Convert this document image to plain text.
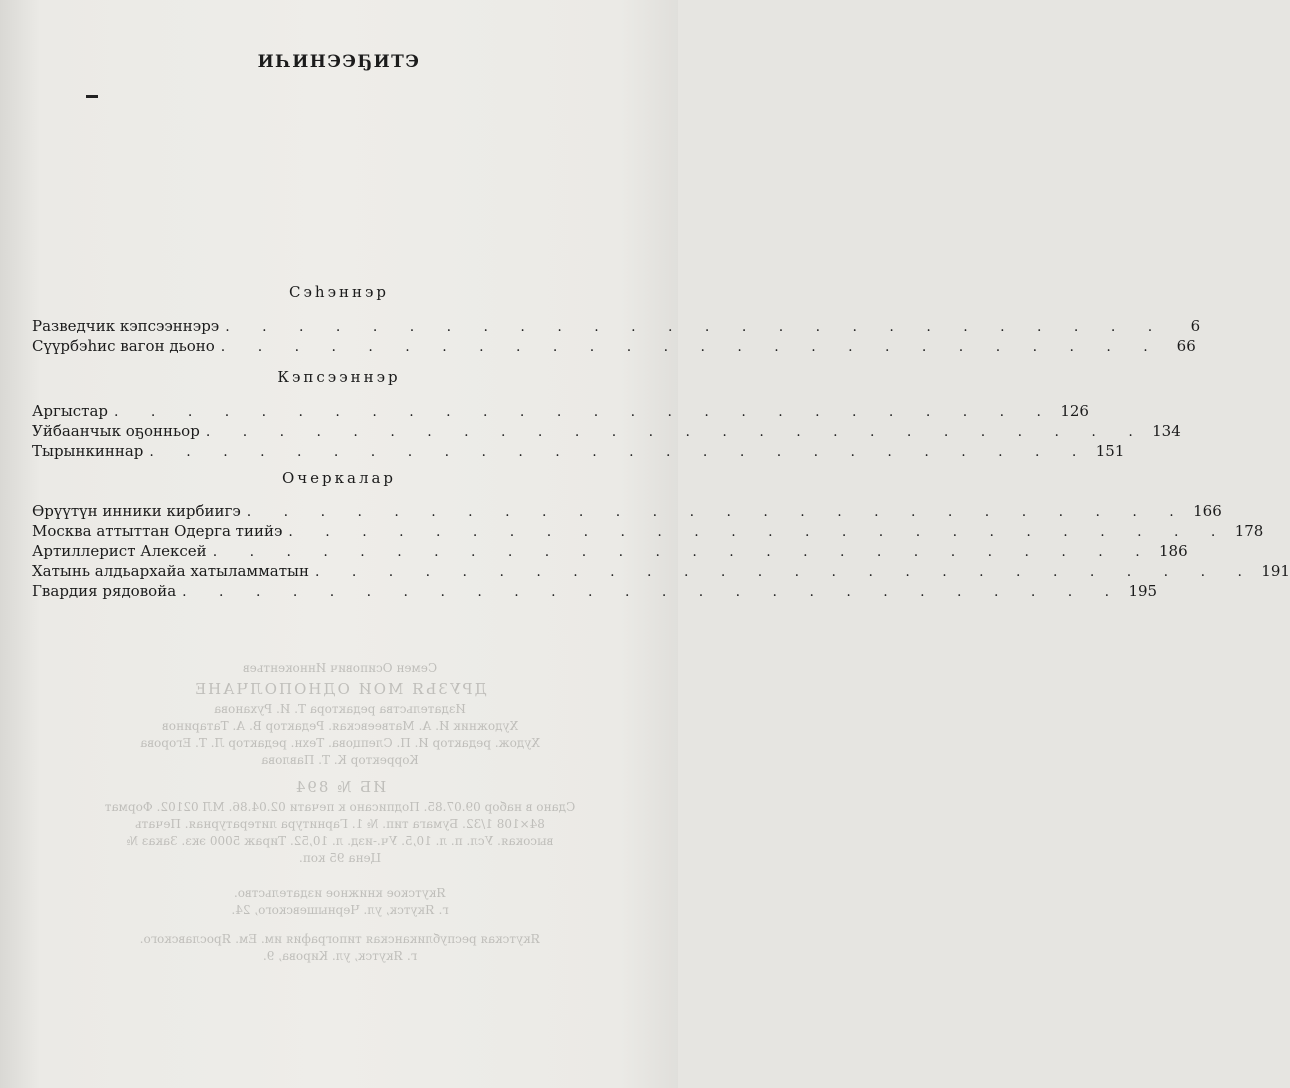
ИҺИНЭЭҔИТЭ
Сэһэннэр
Разведчик кэпсээннэрэ . . . . . . . . . . . . . . . . . . . . . . . . . .	6
Сүүрбэһис вагон дьоно . . . . . . . . . . . . . . . . . . . . . . . . . . 66
Кэпсээннэр
Аргыстар . . . . . . . . . . . . . . . . . . . . . . . . . . 126
Уйбаанчык оҕонньор . . . . . . . . . . . . . . . . . . . . . . . . . . 134
Тырынкиннар . . . . . . . . . . . . . . . . . . . . . . . . . . 151
Очеркалар
Өрүүтүн инники кирбиигэ . . . . . . . . . . . . . . . . . . . . . . . . . . 166
Москва аттыттан Одерга тиийэ . . . . . . . . . . . . . . . . . . . . . . . . . . 178
Артиллерист Алексей . . . . . . . . . . . . . . . . . . . . . . . . . . 186
Хатынь алдьархайа хатыламматын . . . . . . . . . . . . . . . . . . . . . . . . . . 191
Гвардия рядовойа . . . . . . . . . . . . . . . . . . . . . . . . . . 195

Семен Осипович Иннокентьев

ДРУЗЬЯ МОИ ОДНОПОЛЧАНЕ

Издательства редактора Т. И. Руханова

Художник И. А. Матвеевская. Редактор В. А. Татаринов

Худож. редактор И. П. Слепцова. Техн. редактор Л. Т. Егорова

Корректор К. Т. Павлова

ИБ № 894

Сдано в набор 09.07.85. Подписано к печати 02.04.86. МЛ 02102. Формат

84×108 1/32. Бумага тип. № 1. Гарнитура литературная. Печать

высокая. Усл. п. л. 10,5. Уч.-изд. л. 10,52. Тираж 5000 экз. Заказ №

Цена 95 коп.

Якутское книжное издательство.

г. Якутск, ул. Чернышевского, 24.

Якутская республиканская типография им. Ем. Ярославского.

г. Якутск, ул. Кирова, 9.
